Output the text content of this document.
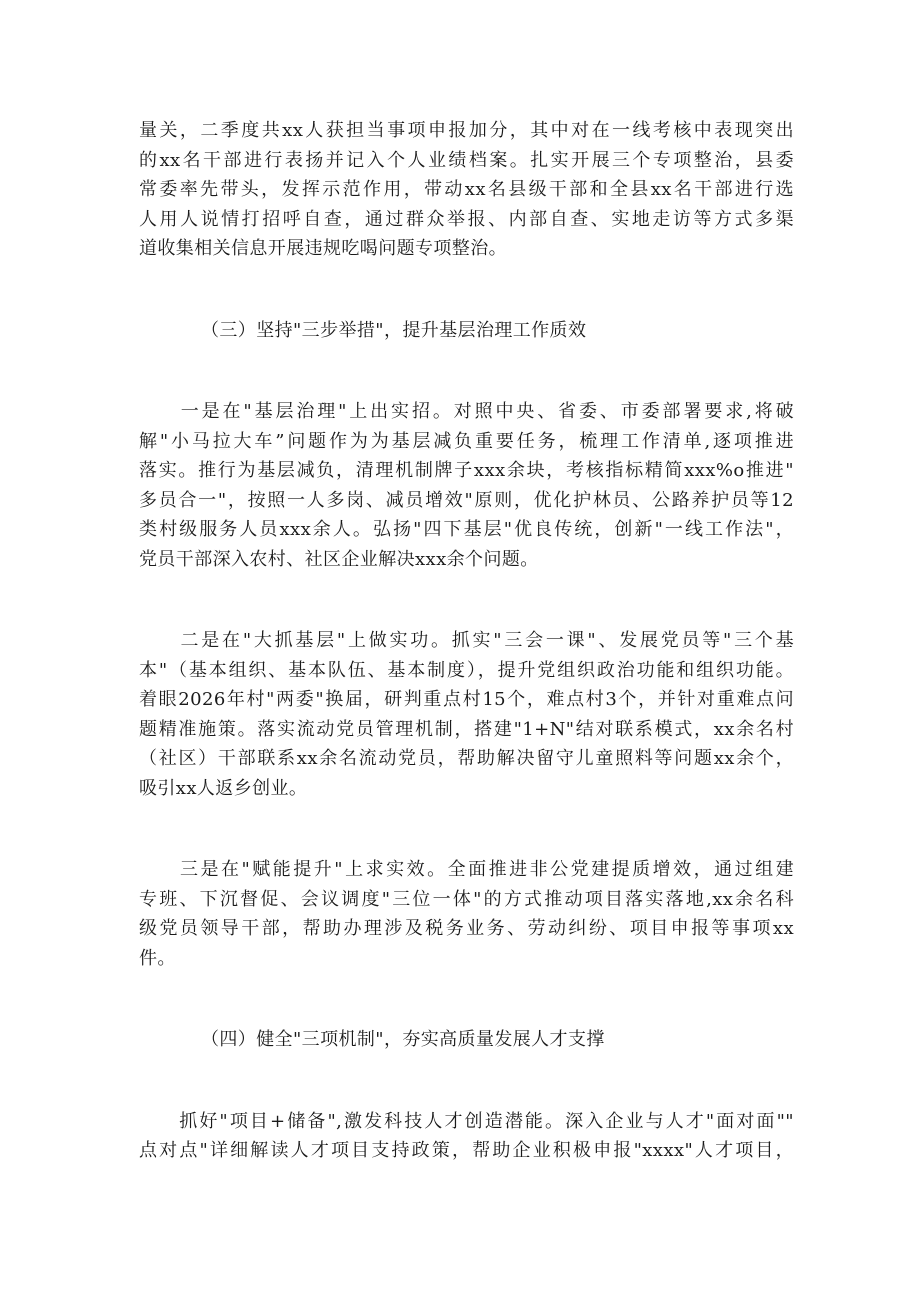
量关，二季度共xx人获担当事项申报加分，其中对在一线考核中表现突出
的xx名干部进行表扬并记入个人业绩档案。扎实开展三个专项整治，县委
常委率先带头，发挥示范作用，带动xx名县级干部和全县xx名干部进行选
人用人说情打招呼自查，通过群众举报、内部自查、实地走访等方式多渠
道收集相关信息开展违规吃喝问题专项整治。

（三）坚持"三步举措"，提升基层治理工作质效

　　一是在"基层治理"上出实招。对照中央、省委、市委部署要求,将破
解"小马拉大车”问题作为为基层减负重要任务，梳理工作清单,逐项推进
落实。推行为基层减负，清理机制牌子xxx余块，考核指标精简xxx%o推进"
多员合一"，按照一人多岗、减员增效"原则，优化护林员、公路养护员等12
类村级服务人员xxx余人。弘扬"四下基层"优良传统，创新"一线工作法"，
党员干部深入农村、社区企业解决xxx余个问题。

　　二是在"大抓基层"上做实功。抓实"三会一课"、发展党员等"三个基
本"（基本组织、基本队伍、基本制度），提升党组织政治功能和组织功能。
着眼2026年村"两委"换届，研判重点村15个，难点村3个，并针对重难点问
题精准施策。落实流动党员管理机制，搭建"1+N"结对联系模式，xx余名村
（社区）干部联系xx余名流动党员，帮助解决留守儿童照料等问题xx余个，
吸引xx人返乡创业。

　　三是在"赋能提升"上求实效。全面推进非公党建提质增效，通过组建
专班、下沉督促、会议调度"三位一体"的方式推动项目落实落地,xx余名科
级党员领导干部，帮助办理涉及税务业务、劳动纠纷、项目申报等事项xx
件。

（四）健全"三项机制"，夯实高质量发展人才支撑

　　抓好"项目+储备",激发科技人才创造潜能。深入企业与人才"面对面""
点对点"详细解读人才项目支持政策，帮助企业积极申报"xxxx"人才项目，
